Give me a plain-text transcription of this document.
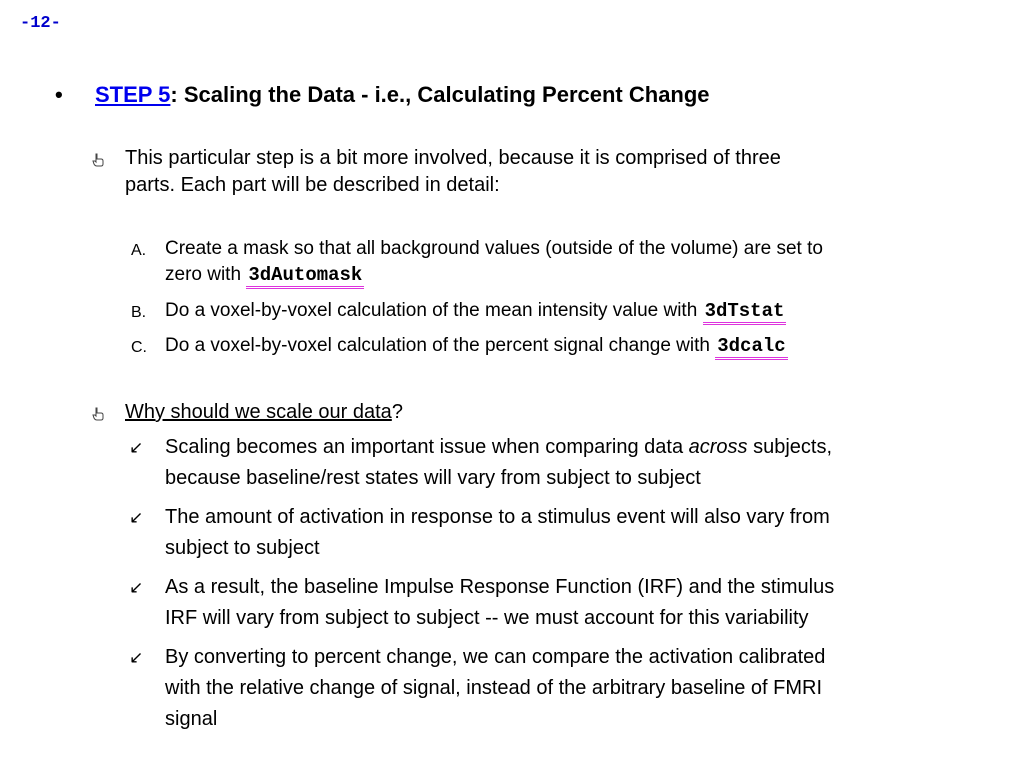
-12-
• STEP 5: Scaling the Data - i.e., Calculating Percent Change
This particular step is a bit more involved, because it is comprised of three
parts. Each part will be described in detail:
A. Create a mask so that all background values (outside of the volume) are set to
zero with 3dAutomask
B. Do a voxel-by-voxel calculation of the mean intensity value with 3dTstat
C. Do a voxel-by-voxel calculation of the percent signal change with 3dcalc
Why should we scale our data?
↙ Scaling becomes an important issue when comparing data across subjects,
because baseline/rest states will vary from subject to subject
↙ The amount of activation in response to a stimulus event will also vary from
subject to subject
↙ As a result, the baseline Impulse Response Function (IRF) and the stimulus
IRF will vary from subject to subject -- we must account for this variability
↙ By converting to percent change, we can compare the activation calibrated
with the relative change of signal, instead of the arbitrary baseline of FMRI
signal
